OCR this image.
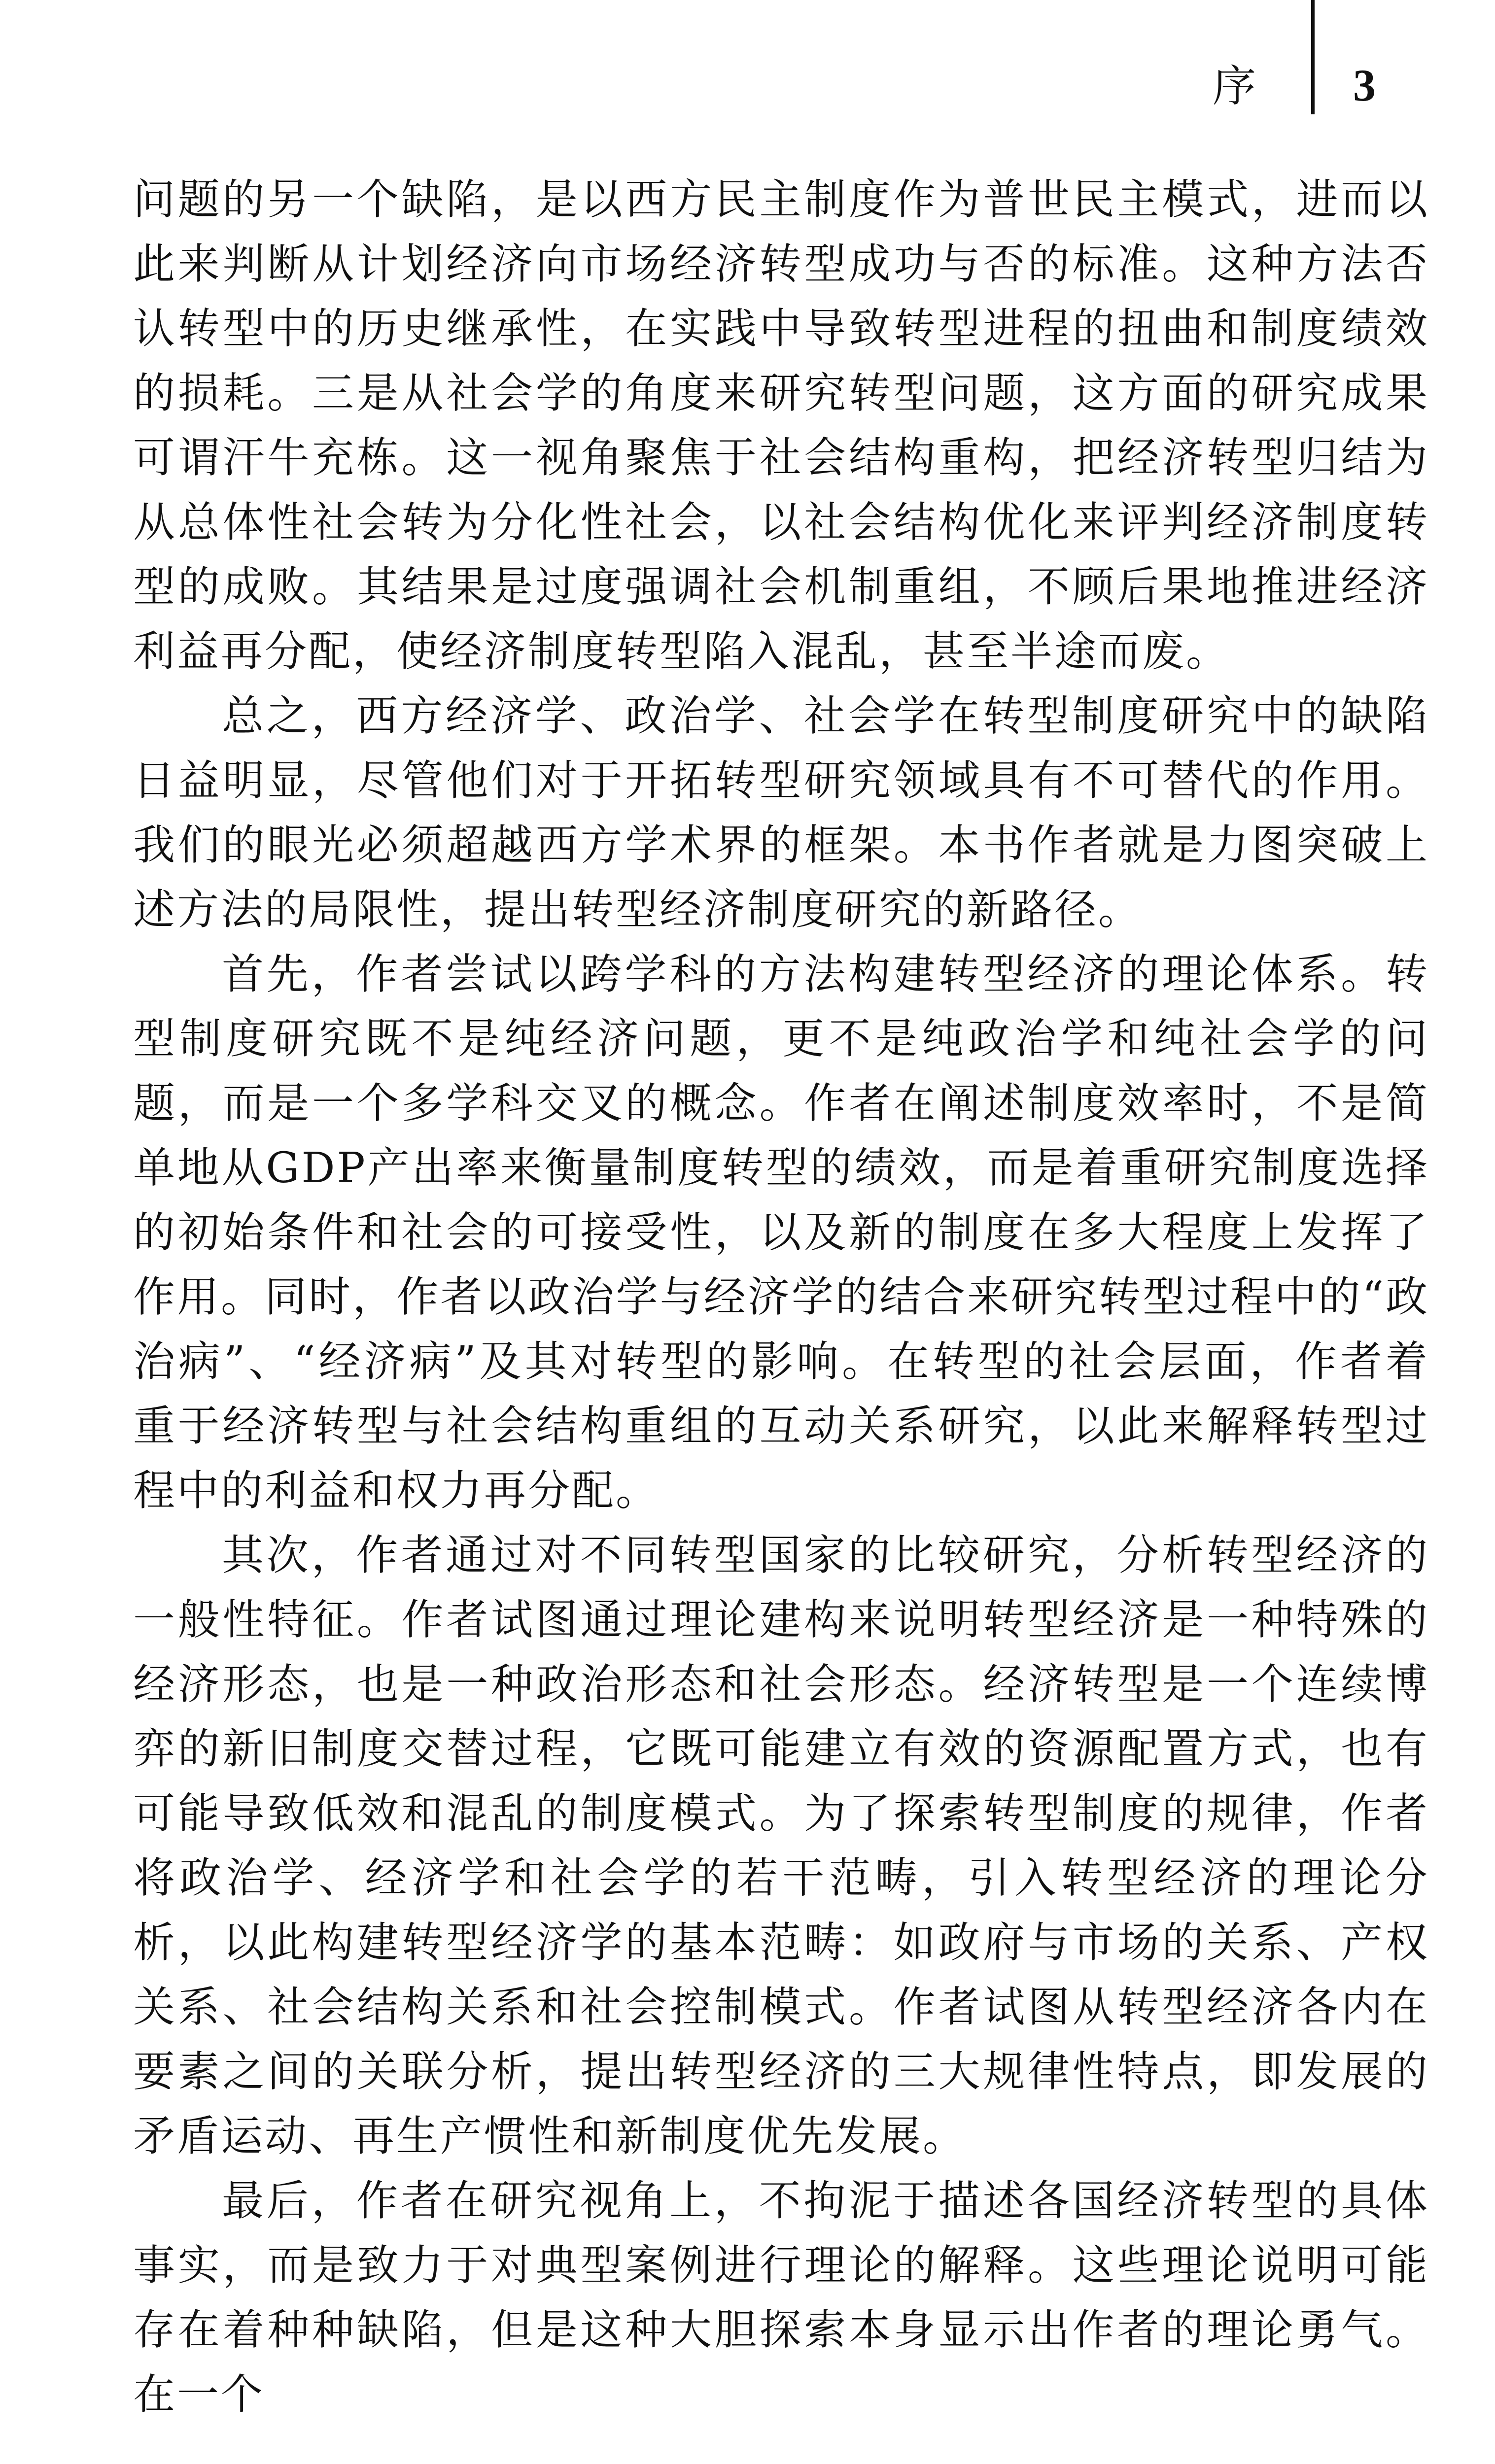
序 3

问题的另一个缺陷，是以西方民主制度作为普世民主模式，进而以此来判断从计划经济向市场经济转型成功与否的标准。这种方法否认转型中的历史继承性，在实践中导致转型进程的扭曲和制度绩效的损耗。三是从社会学的角度来研究转型问题，这方面的研究成果可谓汗牛充栋。这一视角聚焦于社会结构重构，把经济转型归结为从总体性社会转为分化性社会，以社会结构优化来评判经济制度转型的成败。其结果是过度强调社会机制重组，不顾后果地推进经济利益再分配，使经济制度转型陷入混乱，甚至半途而废。

总之，西方经济学、政治学、社会学在转型制度研究中的缺陷日益明显，尽管他们对于开拓转型研究领域具有不可替代的作用。我们的眼光必须超越西方学术界的框架。本书作者就是力图突破上述方法的局限性，提出转型经济制度研究的新路径。

首先，作者尝试以跨学科的方法构建转型经济的理论体系。转型制度研究既不是纯经济问题，更不是纯政治学和纯社会学的问题，而是一个多学科交叉的概念。作者在阐述制度效率时，不是简单地从GDP产出率来衡量制度转型的绩效，而是着重研究制度选择的初始条件和社会的可接受性，以及新的制度在多大程度上发挥了作用。同时，作者以政治学与经济学的结合来研究转型过程中的“政治病”、“经济病”及其对转型的影响。在转型的社会层面，作者着重于经济转型与社会结构重组的互动关系研究，以此来解释转型过程中的利益和权力再分配。

其次，作者通过对不同转型国家的比较研究，分析转型经济的一般性特征。作者试图通过理论建构来说明转型经济是一种特殊的经济形态，也是一种政治形态和社会形态。经济转型是一个连续博弈的新旧制度交替过程，它既可能建立有效的资源配置方式，也有可能导致低效和混乱的制度模式。为了探索转型制度的规律，作者将政治学、经济学和社会学的若干范畴，引入转型经济的理论分析，以此构建转型经济学的基本范畴：如政府与市场的关系、产权关系、社会结构关系和社会控制模式。作者试图从转型经济各内在要素之间的关联分析，提出转型经济的三大规律性特点，即发展的矛盾运动、再生产惯性和新制度优先发展。

最后，作者在研究视角上，不拘泥于描述各国经济转型的具体事实，而是致力于对典型案例进行理论的解释。这些理论说明可能存在着种种缺陷，但是这种大胆探索本身显示出作者的理论勇气。在一个
